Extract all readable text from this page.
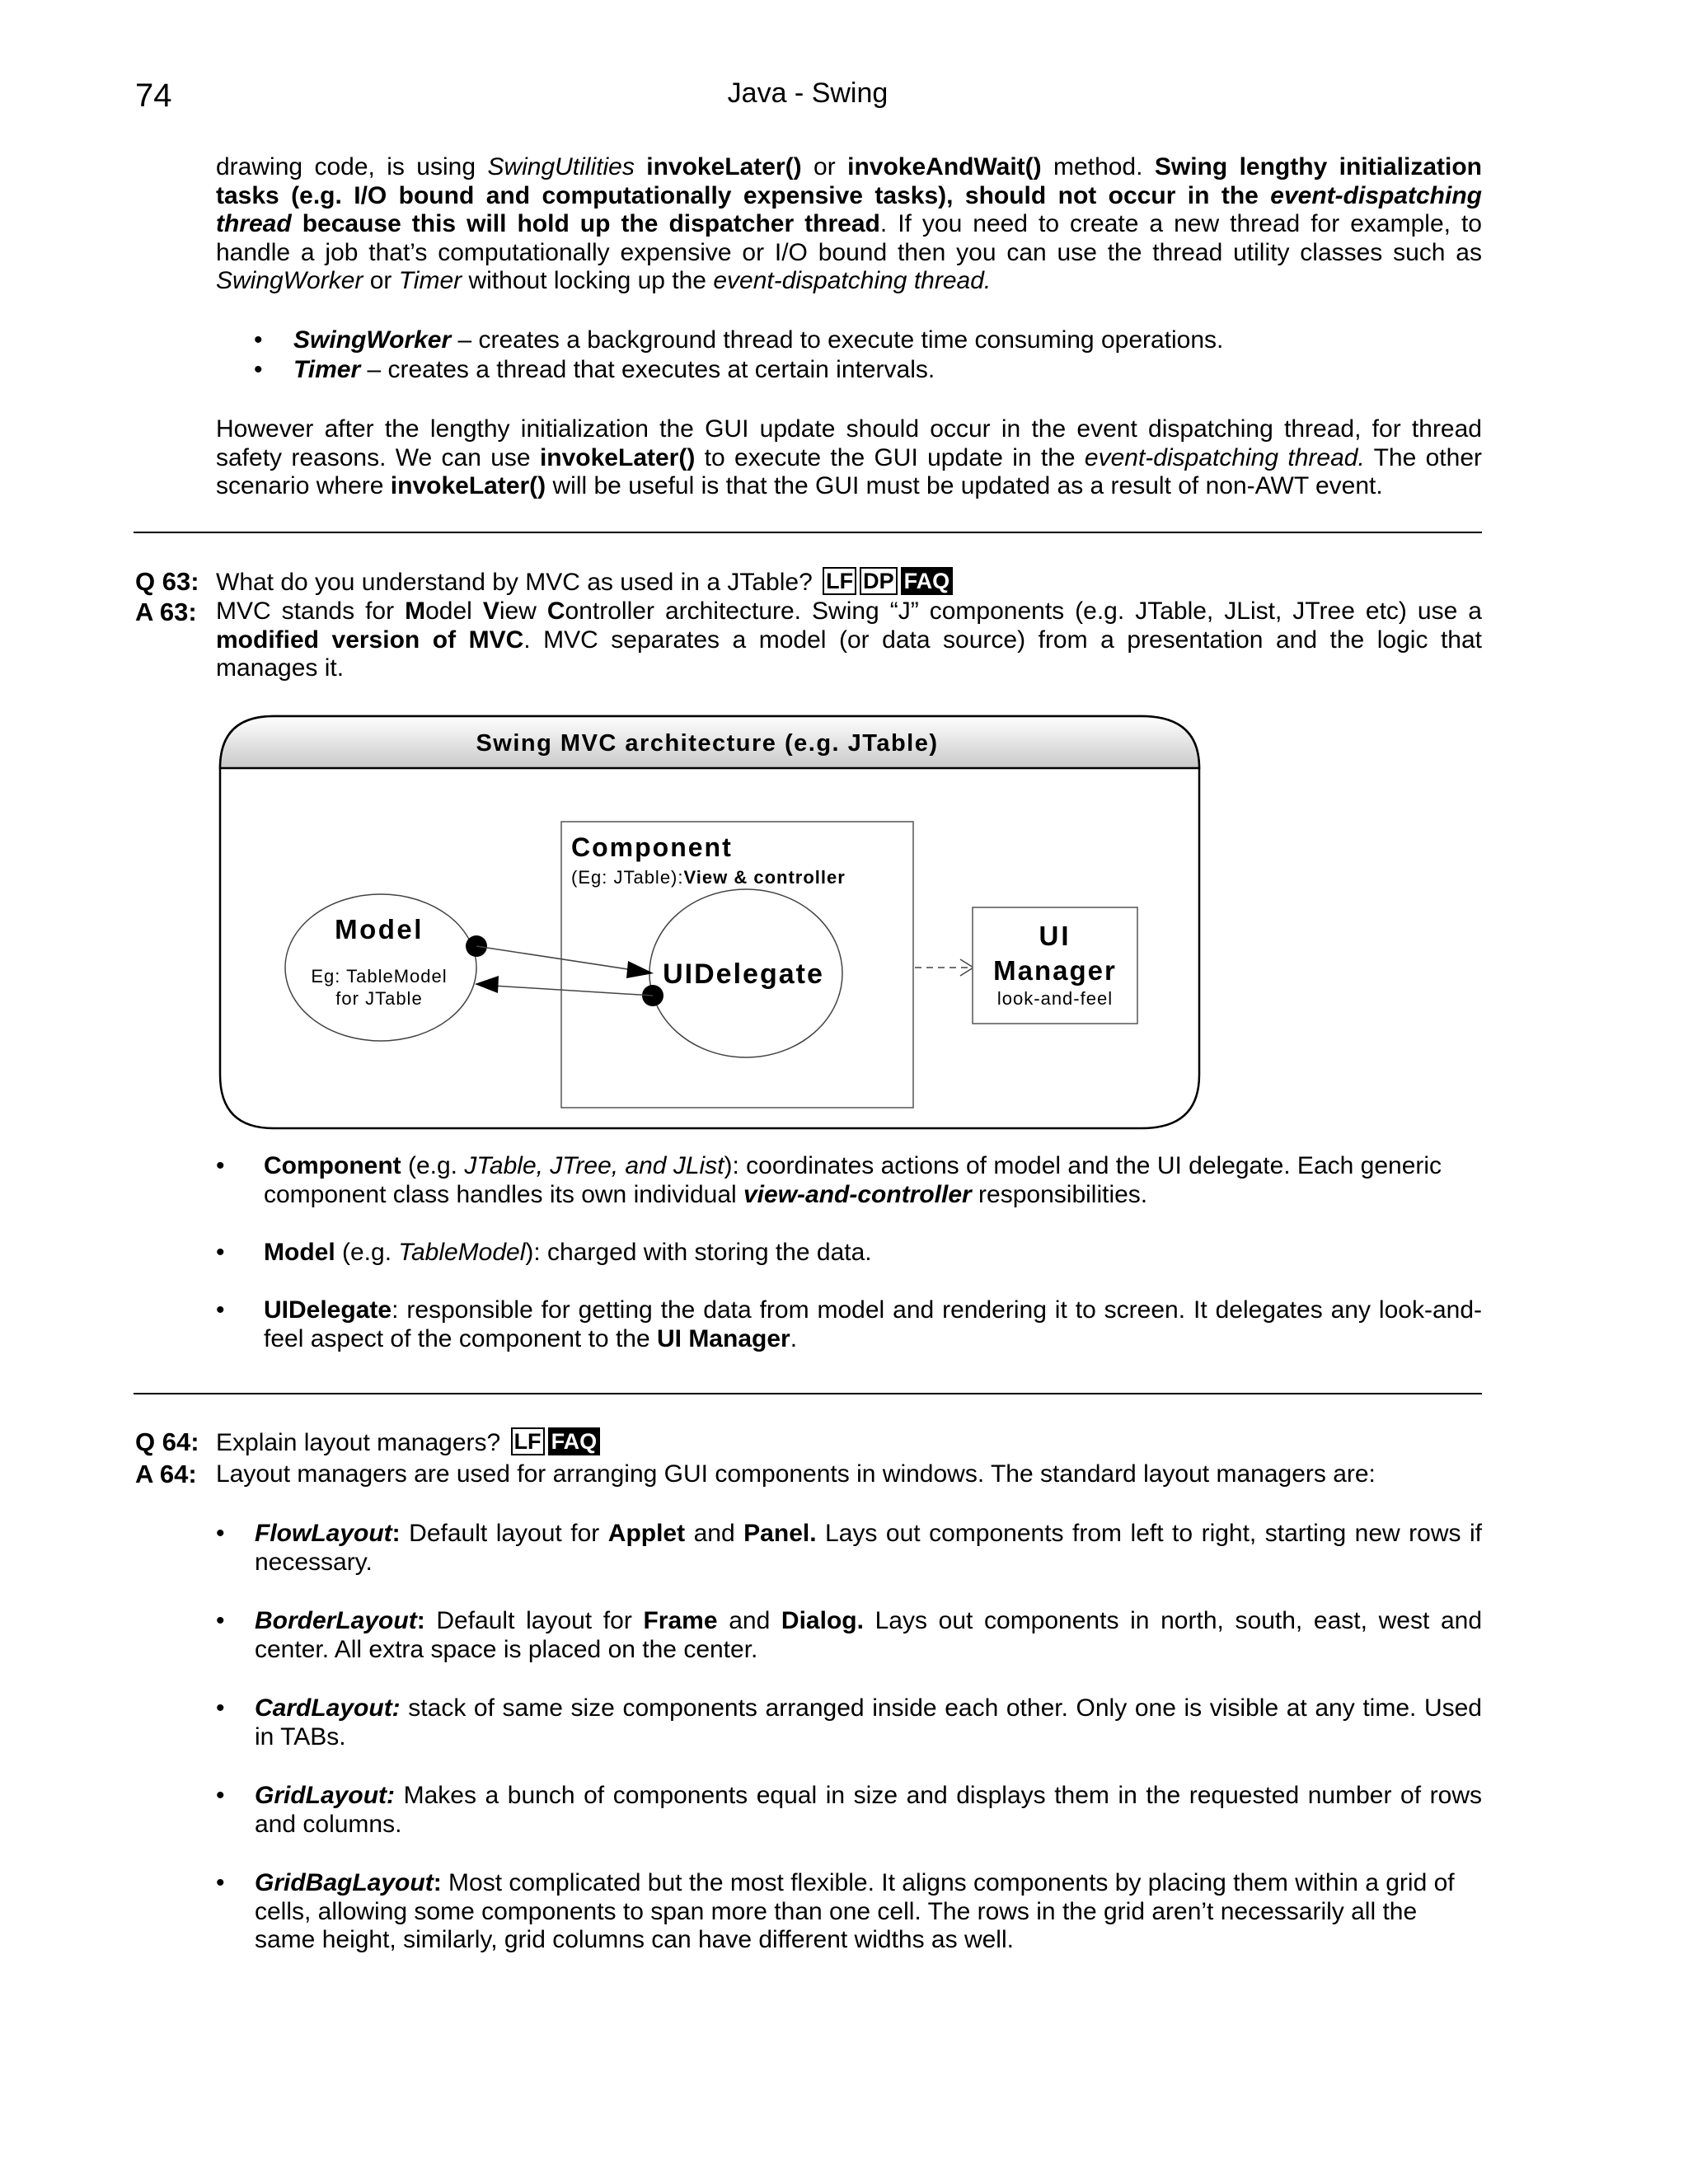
74	Java - Swing

drawing code, is using SwingUtilities invokeLater() or invokeAndWait() method. Swing lengthy initialization tasks (e.g. I/O bound and computationally expensive tasks), should not occur in the event-dispatching thread because this will hold up the dispatcher thread. If you need to create a new thread for example, to handle a job that’s computationally expensive or I/O bound then you can use the thread utility classes such as SwingWorker or Timer without locking up the event-dispatching thread.

• SwingWorker – creates a background thread to execute time consuming operations.

• Timer – creates a thread that executes at certain intervals.

However after the lengthy initialization the GUI update should occur in the event dispatching thread, for thread safety reasons. We can use invokeLater() to execute the GUI update in the event-dispatching thread. The other scenario where invokeLater() will be useful is that the GUI must be updated as a result of non-AWT event.

Q 63: What do you understand by MVC as used in a JTable? LF DP FAQ
A 63: MVC stands for Model View Controller architecture. Swing “J” components (e.g. JTable, JList, JTree etc) use a modified version of MVC. MVC separates a model (or data source) from a presentation and the logic that manages it.

Swing MVC architecture (e.g. JTable)
Component
(Eg: JTable):View & controller
UIDelegate
Model
Eg: TableModel
for JTable
UI
Manager
look-and-feel
• Component (e.g. JTable, JTree, and JList): coordinates actions of model and the UI delegate. Each generic component class handles its own individual view-and-controller responsibilities.

• Model (e.g. TableModel): charged with storing the data.

• UIDelegate: responsible for getting the data from model and rendering it to screen. It delegates any look-and-feel aspect of the component to the UI Manager.

Q 64: Explain layout managers? LF FAQ
A 64: Layout managers are used for arranging GUI components in windows. The standard layout managers are:
• FlowLayout: Default layout for Applet and Panel. Lays out components from left to right, starting new rows if necessary.

• BorderLayout: Default layout for Frame and Dialog. Lays out components in north, south, east, west and center. All extra space is placed on the center.

• CardLayout: stack of same size components arranged inside each other. Only one is visible at any time. Used in TABs.

• GridLayout: Makes a bunch of components equal in size and displays them in the requested number of rows and columns.

• GridBagLayout: Most complicated but the most flexible. It aligns components by placing them within a grid of cells, allowing some components to span more than one cell. The rows in the grid aren’t necessarily all the same height, similarly, grid columns can have different widths as well.
